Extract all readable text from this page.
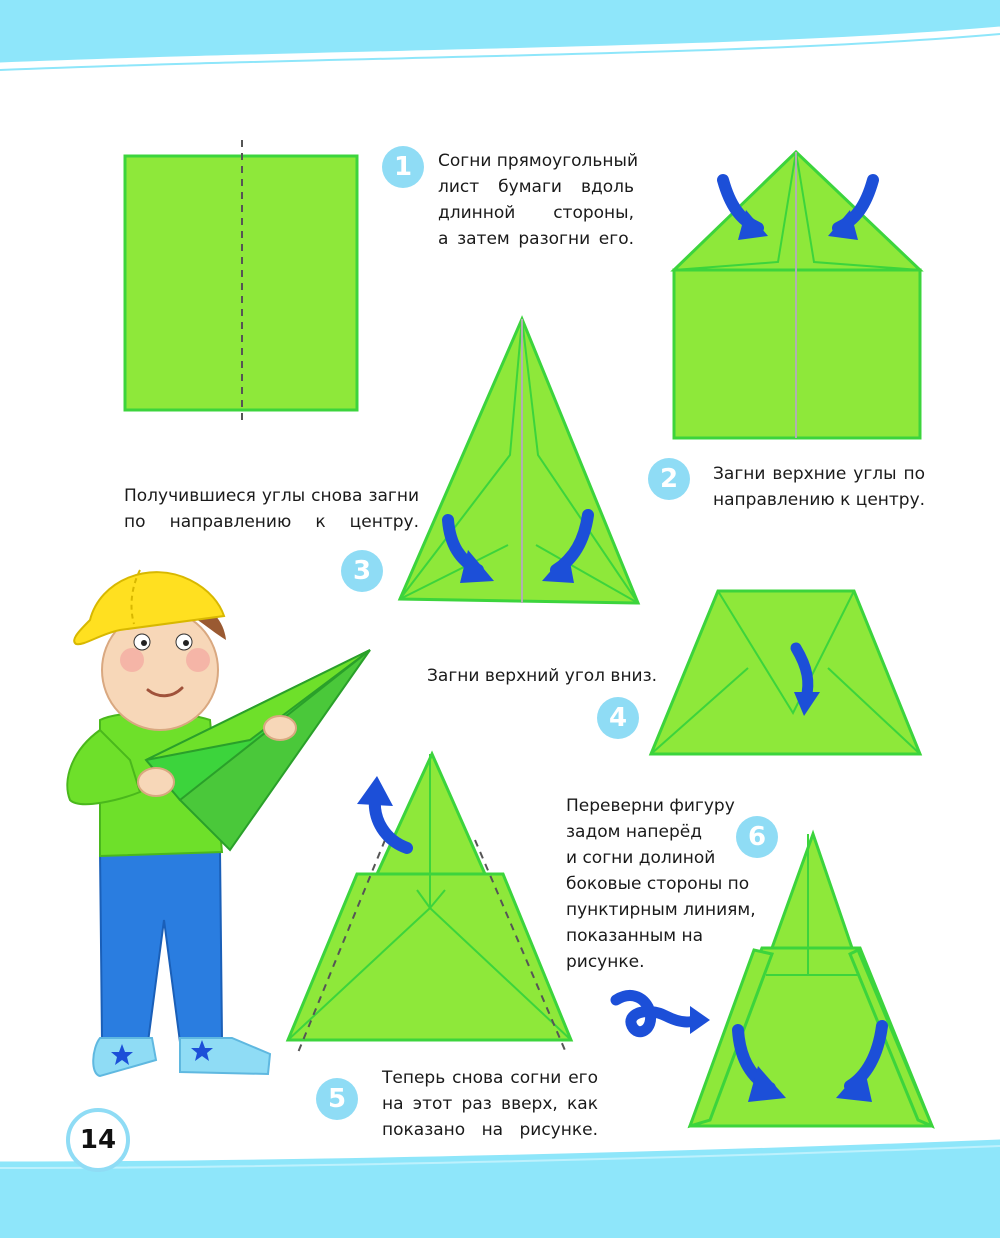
14
1	Согни прямоугольный
лист бумаги вдоль
длинной стороны,
а затем разогни его.
2	Загни верхние углы по
направлению к центру.
Получившиеся углы снова загни
по направлению к центру.
3
Загни верхний угол вниз.
4
5
Теперь снова согни его
на этот раз вверх, как
показано на рисунке.
Переверни фигуру
задом наперёд
и согни долиной
боковые стороны по
пунктирным линиям,
показанным на
рисунке.
6
